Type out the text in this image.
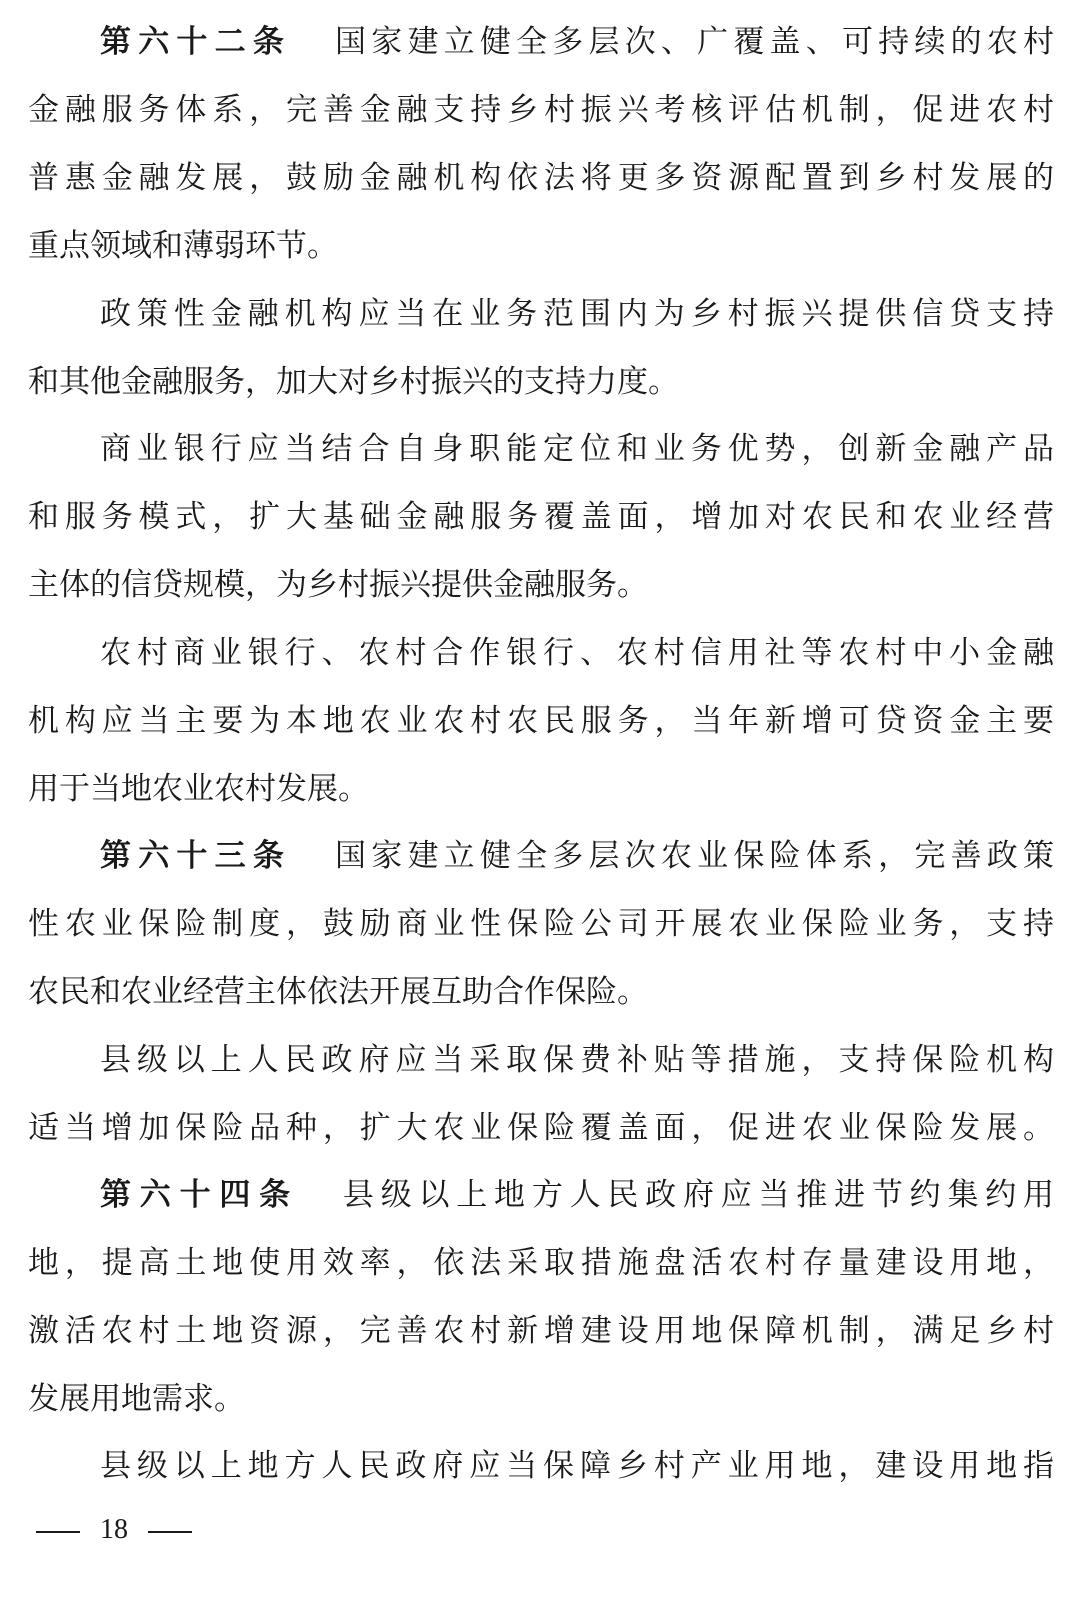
第六十二条 国家建立健全多层次、广覆盖、可持续的农村
金融服务体系，完善金融支持乡村振兴考核评估机制，促进农村
普惠金融发展，鼓励金融机构依法将更多资源配置到乡村发展的
重点领域和薄弱环节。
政策性金融机构应当在业务范围内为乡村振兴提供信贷支持
和其他金融服务，加大对乡村振兴的支持力度。
商业银行应当结合自身职能定位和业务优势，创新金融产品
和服务模式，扩大基础金融服务覆盖面，增加对农民和农业经营
主体的信贷规模，为乡村振兴提供金融服务。
农村商业银行、农村合作银行、农村信用社等农村中小金融
机构应当主要为本地农业农村农民服务，当年新增可贷资金主要
用于当地农业农村发展。
第六十三条 国家建立健全多层次农业保险体系，完善政策
性农业保险制度，鼓励商业性保险公司开展农业保险业务，支持
农民和农业经营主体依法开展互助合作保险。
县级以上人民政府应当采取保费补贴等措施，支持保险机构
适当增加保险品种，扩大农业保险覆盖面，促进农业保险发展。
第六十四条 县级以上地方人民政府应当推进节约集约用
地，提高土地使用效率，依法采取措施盘活农村存量建设用地，
激活农村土地资源，完善农村新增建设用地保障机制，满足乡村
发展用地需求。
县级以上地方人民政府应当保障乡村产业用地，建设用地指
18
